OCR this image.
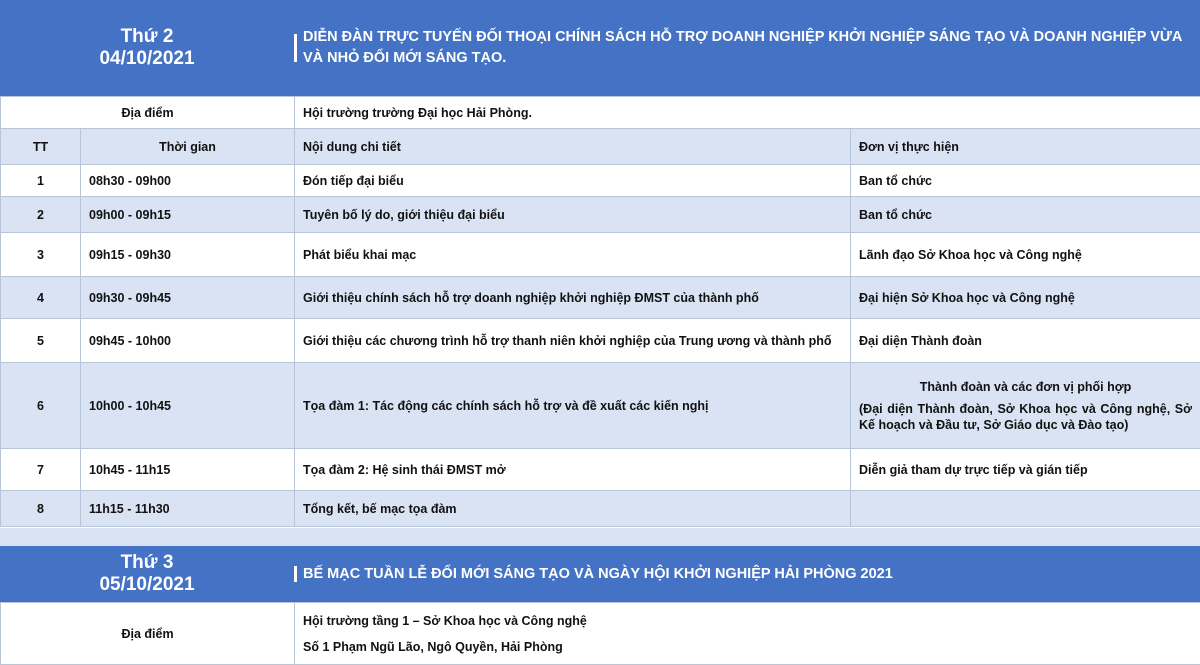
Thứ 2
04/10/2021
DIỄN ĐÀN TRỰC TUYẾN ĐỐI THOẠI CHÍNH SÁCH HỖ TRỢ DOANH NGHIỆP KHỞI NGHIỆP SÁNG TẠO VÀ DOANH NGHIỆP VỪA VÀ NHỎ ĐỔI MỚI SÁNG TẠO.
Địa điểm		Hội trường trường Đại học Hải Phòng.	
TT	Thời gian	Nội dung chi tiết	Đơn vị thực hiện
1	08h30 - 09h00	Đón tiếp đại biểu	Ban tổ chức
2	09h00 - 09h15	Tuyên bố lý do, giới thiệu đại biểu	Ban tổ chức
3	09h15 - 09h30	Phát biểu khai mạc	Lãnh đạo Sở Khoa học và Công nghệ
4	09h30 - 09h45	Giới thiệu chính sách hỗ trợ doanh nghiệp khởi nghiệp ĐMST của thành phố	Đại hiện Sở Khoa học và Công nghệ
5	09h45 - 10h00	Giới thiệu các chương trình hỗ trợ thanh niên khởi nghiệp của Trung ương và thành phố	Đại diện Thành đoàn
6	10h00 - 10h45	Tọa đàm 1: Tác động các chính sách hỗ trợ và đề xuất các kiến nghị	Thành đoàn và các đơn vị phối hợp
(Đại diện Thành đoàn, Sở Khoa học và Công nghệ, Sở Kế hoạch và Đầu tư, Sở Giáo dục và Đào tạo)

7	10h45 - 11h15	Tọa đàm 2: Hệ sinh thái ĐMST mở	Diễn giả tham dự trực tiếp và gián tiếp
8	11h15 - 11h30	Tổng kết, bế mạc tọa đàm	
Thứ 3
05/10/2021
BẾ MẠC TUẦN LỄ ĐỔI MỚI SÁNG TẠO VÀ NGÀY HỘI KHỞI NGHIỆP HẢI PHÒNG 2021
Địa điểm	
Hội trường tầng 1 – Sở Khoa học và Công nghệ
Số 1 Phạm Ngũ Lão, Ngô Quyền, Hải Phòng
